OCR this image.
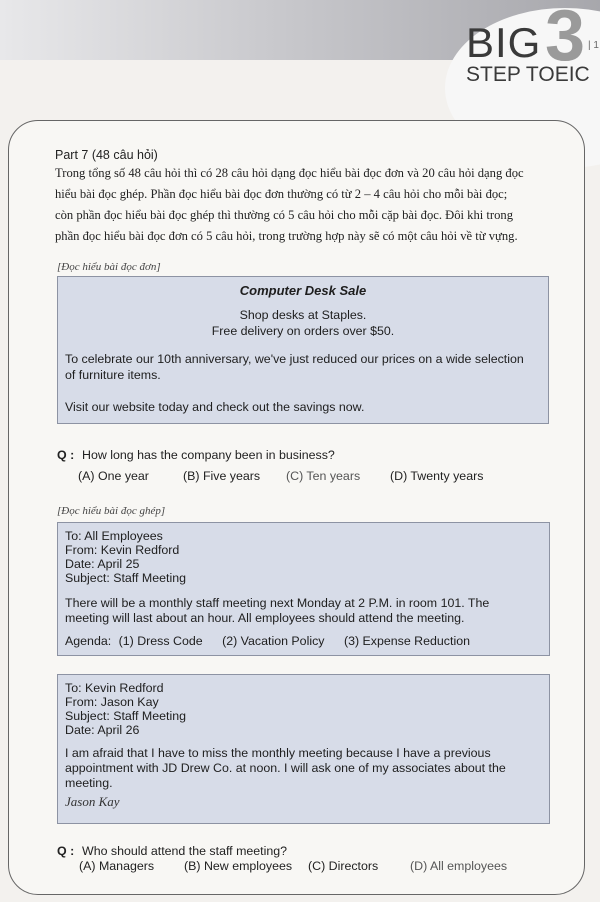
BIG 3
STEP TOEIC
| 1
Part 7 (48 câu hỏi)
Trong tổng số 48 câu hỏi thì có 28 câu hỏi dạng đọc hiểu bài đọc đơn và 20 câu hỏi dạng đọc
hiểu bài đọc ghép. Phần đọc hiểu bài đọc đơn thường có từ 2 – 4 câu hỏi cho mỗi bài đọc;
còn phần đọc hiểu bài đọc ghép thì thường có 5 câu hỏi cho mỗi cặp bài đọc. Đôi khi trong
phần đọc hiểu bài đọc đơn có 5 câu hỏi, trong trường hợp này sẽ có một câu hỏi về từ vựng.
[Đọc hiểu bài đọc đơn]
Computer Desk Sale
Shop desks at Staples.
Free delivery on orders over $50.
To celebrate our 10th anniversary, we've just reduced our prices on a wide selection
of furniture items.
Visit our website today and check out the savings now.
Q : How long has the company been in business?
(A) One year	(B) Five years (C) Ten years (D) Twenty years
[Đọc hiểu bài đọc ghép]
To: All Employees
From: Kevin Redford
Date: April 25
Subject: Staff Meeting
There will be a monthly staff meeting next Monday at 2 P.M. in room 101. The
meeting will last about an hour. All employees should attend the meeting.
Agenda: (1) Dress Code (2) Vacation Policy (3) Expense Reduction
To: Kevin Redford
From: Jason Kay
Subject: Staff Meeting
Date: April 26
I am afraid that I have to miss the monthly meeting because I have a previous
appointment with JD Drew Co. at noon. I will ask one of my associates about the
meeting.
Jason Kay
Q : Who should attend the staff meeting?
(A) Managers (B) New employees (C) Directors	(D) All employees
